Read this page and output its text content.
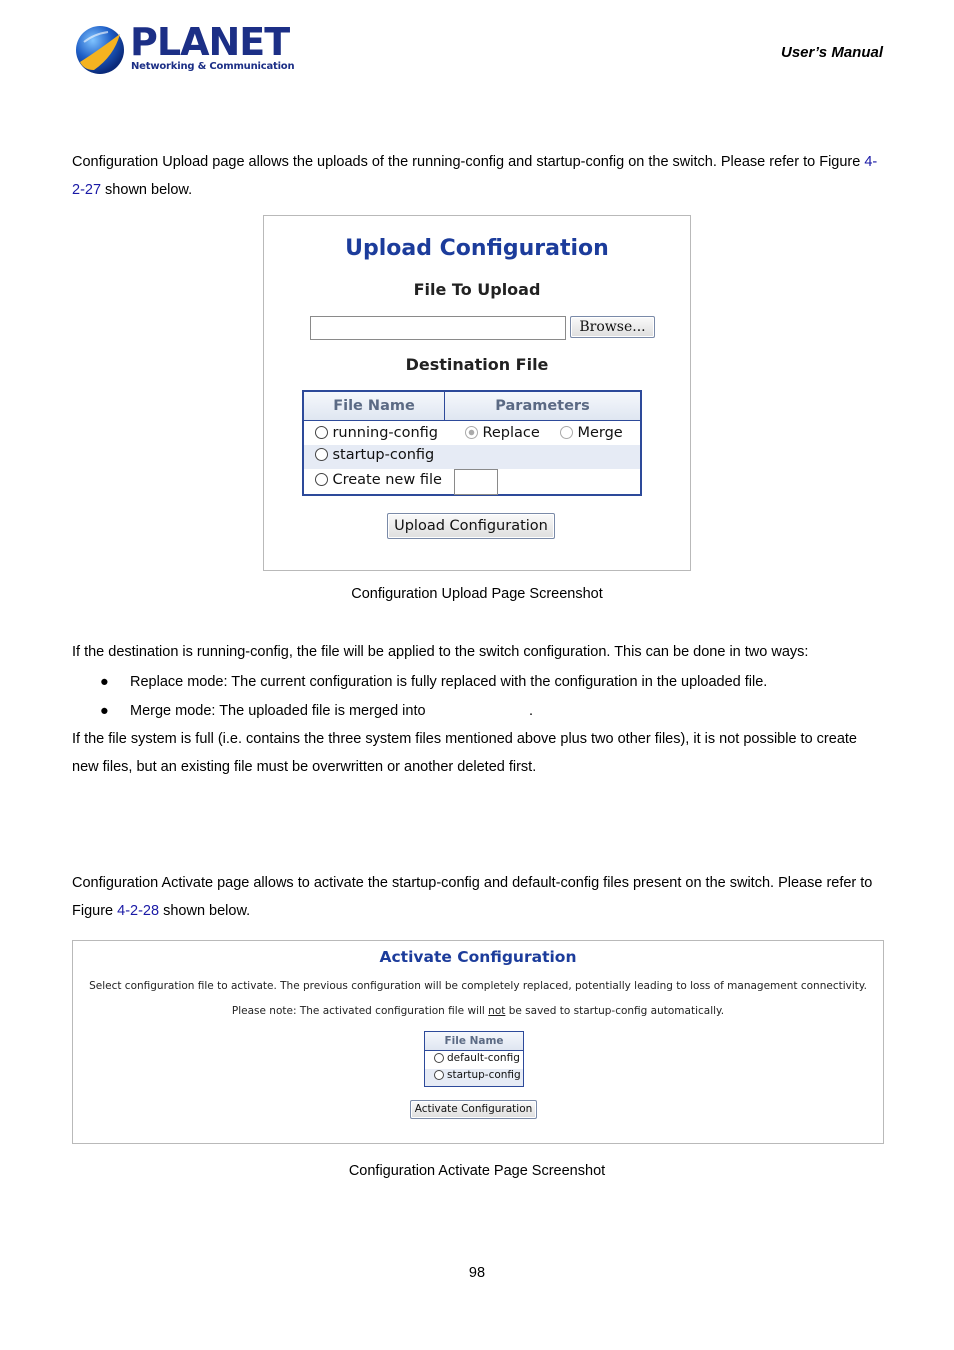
PLANET
Networking & Communication
User’s Manual
Configuration Upload page allows the uploads of the running-config and startup-config on the switch. Please refer to Figure 4-2-27 shown below.
Upload Configuration
File To Upload
Browse...
Destination File
File Name	Parameters
running-config	Replace	Merge
startup-config
Create new file
Upload Configuration
Configuration Upload Page Screenshot
If the destination is running-config, the file will be applied to the switch configuration. This can be done in two ways:
● Replace mode: The current configuration is fully replaced with the configuration in the uploaded file.
● Merge mode: The uploaded file is merged into	.
If the file system is full (i.e. contains the three system files mentioned above plus two other files), it is not possible to create new files, but an existing file must be overwritten or another deleted first.
Configuration Activate page allows to activate the startup-config and default-config files present on the switch. Please refer to Figure 4-2-28 shown below.
Activate Configuration
Select configuration file to activate. The previous configuration will be completely replaced, potentially leading to loss of management connectivity.
Please note: The activated configuration file will not be saved to startup-config automatically.
File Name
default-config
startup-config
Activate Configuration
Configuration Activate Page Screenshot
98
